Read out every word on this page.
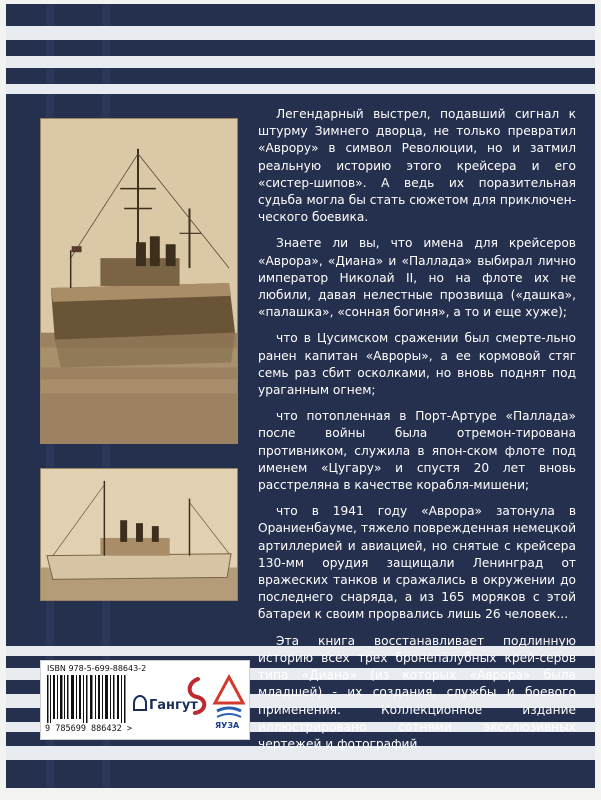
Легендарный выстрел, подавший сигнал к штурму Зимнего дворца, не только превратил «Аврору» в символ Революции, но и затмил реальную историю этого крейсера и его «систер-шипов». А ведь их поразительная судьба могла бы стать сюжетом для приключен-ческого боевика.

Знаете ли вы, что имена для крейсеров «Аврора», «Диана» и «Паллада» выбирал лично император Николай II, но на флоте их не любили, давая нелестные прозвища («дашка», «палашка», «сонная богиня», а то и еще хуже);

что в Цусимском сражении был смерте-льно ранен капитан «Авроры», а ее кормовой стяг семь раз сбит осколками, но вновь поднят под ураганным огнем;

что потопленная в Порт-Артуре «Паллада» после войны была отремон-тирована противником, служила в япон-ском флоте под именем «Цугару» и спустя 20 лет вновь расстреляна в качестве корабля-мишени;

что в 1941 году «Аврора» затонула в Ораниенбауме, тяжело поврежденная немецкой артиллерией и авиацией, но снятые с крейсера 130-мм орудия защищали Ленинград от вражеских танков и сражались в окружении до последнего снаряда, а из 165 моряков с этой батареи к своим прорвались лишь 26 человек...

Эта книга восстанавливает подлинную историю всех трех бронепалубных крей-серов типа «Диана» (из которых «Аврора» была младшей) - их создания, службы и боевого применения. Коллекционное издание иллюстрировано сотнями эксклюзивных чертежей и фотографий.

ISBN 978-5-699-88643-2
9 785699 886432 >
Гангут
ЯУЗА
